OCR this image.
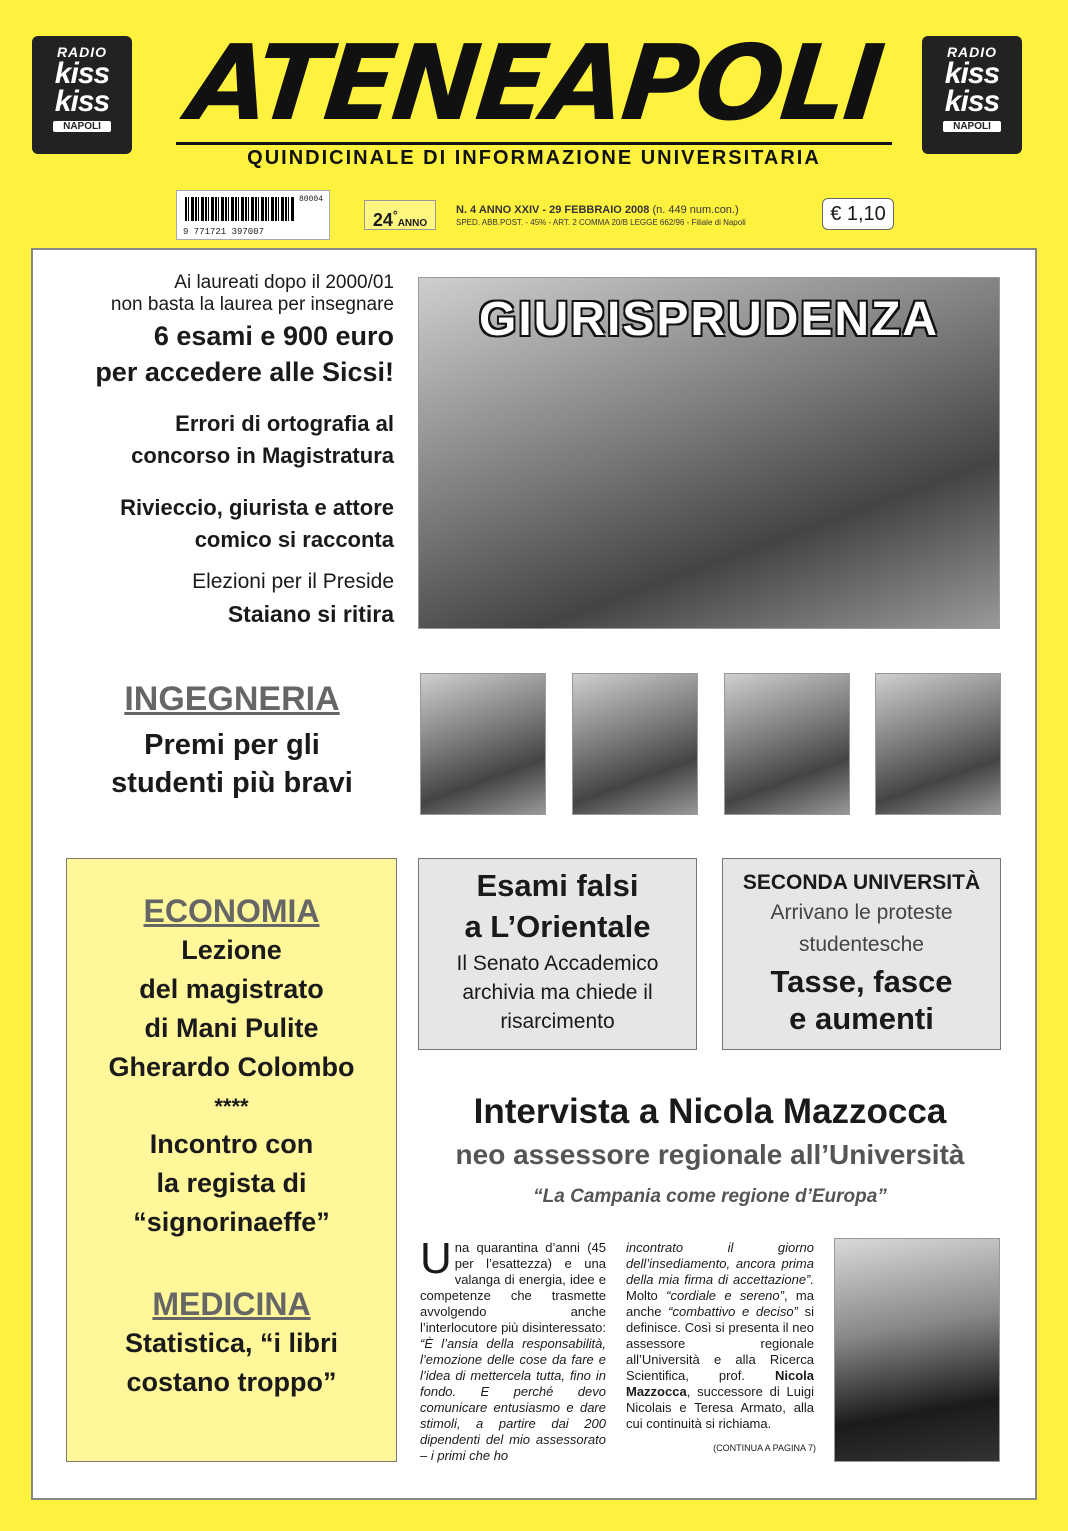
RADIO
kiss
kiss
NAPOLI
RADIO
kiss
kiss
NAPOLI
ATENEAPOLI
QUINDICINALE DI INFORMAZIONE UNIVERSITARIA
80004
9 771721 397007
24°ANNO
N. 4 ANNO XXIV - 29 FEBBRAIO 2008 (n. 449 num.con.)
SPED. ABB.POST. - 45% - ART. 2 COMMA 20/B LEGGE 662/96 - Filiale di Napoli	€ 1,10
Ai laureati dopo il 2000/01
non basta la laurea per insegnare
6 esami e 900 euro
per accedere alle Sicsi!
Errori di ortografia al
concorso in Magistratura
Rivieccio, giurista e attore
comico si racconta
Elezioni per il Preside
Staiano si ritira
GIURISPRUDENZA
INGEGNERIA
Premi per gli
studenti più bravi
ECONOMIA
Lezione
del magistrato
di Mani Pulite
Gherardo Colombo
****
Incontro con
la regista di
“signorinaeffe”
MEDICINA
Statistica, “i libri
costano troppo”
Esami falsi
a L’Orientale
Il Senato Accademico
archivia ma chiede il
risarcimento
SECONDA UNIVERSITÀ
Arrivano le proteste
studentesche
Tasse, fasce
e aumenti
Intervista a Nicola Mazzocca
neo assessore regionale all’Università
“La Campania come regione d’Europa”
U na quarantina d’anni (45 per l’esattezza) e una valanga di energia, idee e competenze che trasmette avvolgendo anche l’interlocutore più disinteressato: “È l’ansia della responsabilità, l’emozione delle cose da fare e l’idea di mettercela tutta, fino in fondo. E perché devo comunicare entusiasmo e dare stimoli, a partire dai 200 dipendenti del mio assessorato – i primi che ho
incontrato il giorno dell’insediamento, ancora prima della mia firma di accettazione”. Molto “cordiale e sereno”, ma anche “combattivo e deciso” si definisce. Così si presenta il neo assessore regionale all’Università e alla Ricerca Scientifica, prof. Nicola Mazzocca, successore di Luigi Nicolais e Teresa Armato, alla cui continuità si richiama.
(CONTINUA A PAGINA 7)
